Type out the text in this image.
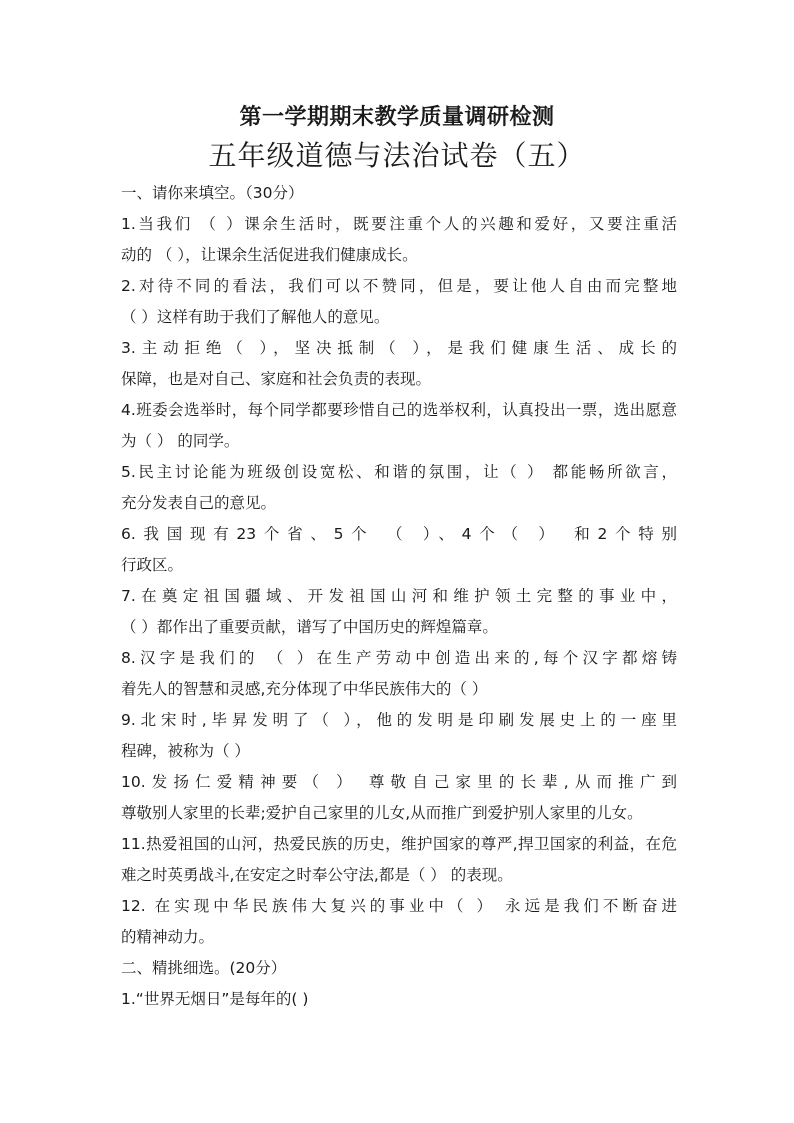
第一学期期末教学质量调研检测
五年级道德与法治试卷（五）
一、请你来填空。（30分）
1.当我们 （ ）课余生活时，既要注重个人的兴趣和爱好，又要注重活
动的 （ ），让课余生活促进我们健康成长。
2.对待不同的看法，我们可以不赞同，但是，要让他人自由而完整地
（ ）这样有助于我们了解他人的意见。
3.主动拒绝（ ），坚决抵制（ ），是我们健康生活、成长的
保障，也是对自己、家庭和社会负责的表现。
4.班委会选举时，每个同学都要珍惜自己的选举权利，认真投出一票，选出愿意
为（ ） 的同学。
5.民主讨论能为班级创设宽松、和谐的氛围，让（ ） 都能畅所欲言，
充分发表自己的意见。
6.我国现有23个省、5个 （ ）、4个（ ） 和2个特别
行政区。
7.在奠定祖国疆域、开发祖国山河和维护领土完整的事业中，
（ ）都作出了重要贡献，谱写了中国历史的辉煌篇章。
8.汉字是我们的 （ ）在生产劳动中创造出来的,每个汉字都熔铸
着先人的智慧和灵感,充分体现了中华民族伟大的（ ）
9.北宋时,毕昇发明了（ ），他的发明是印刷发展史上的一座里
程碑，被称为（ ）
10.发扬仁爱精神要（ ） 尊敬自己家里的长辈,从而推广到
尊敬别人家里的长辈;爱护自己家里的儿女,从而推广到爱护别人家里的儿女。
11.热爱祖国的山河，热爱民族的历史，维护国家的尊严,捍卫国家的利益，在危
难之时英勇战斗,在安定之时奉公守法,都是（ ） 的表现。
12. 在实现中华民族伟大复兴的事业中（ ） 永远是我们不断奋进
的精神动力。
二、精挑细选。(20分）
1.“世界无烟日”是每年的( )
